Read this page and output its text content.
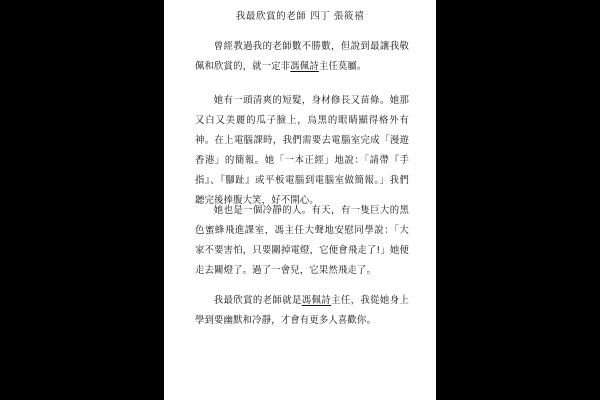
我最欣賞的老師 四丁 張筱禧

曾經教過我的老師數不勝數，但說到最讓我敬佩和欣賞的，就一定非馮佩詩主任莫屬。

她有一頭清爽的短髮，身材修長又苗條。她那又白又美麗的瓜子臉上，烏黑的眼睛顯得格外有神。在上電腦課時，我們需要去電腦室完成「漫遊香港」的簡報。她「一本正經」地說：「請帶『手指』、『腳趾』或平板電腦到電腦室做簡報。」我們聽完後捧腹大笑，好不開心。

她也是一個冷靜的人。有天，有一隻巨大的黑色蜜蜂飛進課室，馮主任大聲地安慰同學說：「大家不要害怕，只要關掉電燈，它便會飛走了!」她便走去關燈了。過了一會兒，它果然飛走了。

我最欣賞的老師就是馮佩詩主任，我從她身上學到要幽默和冷靜，才會有更多人喜歡你。
